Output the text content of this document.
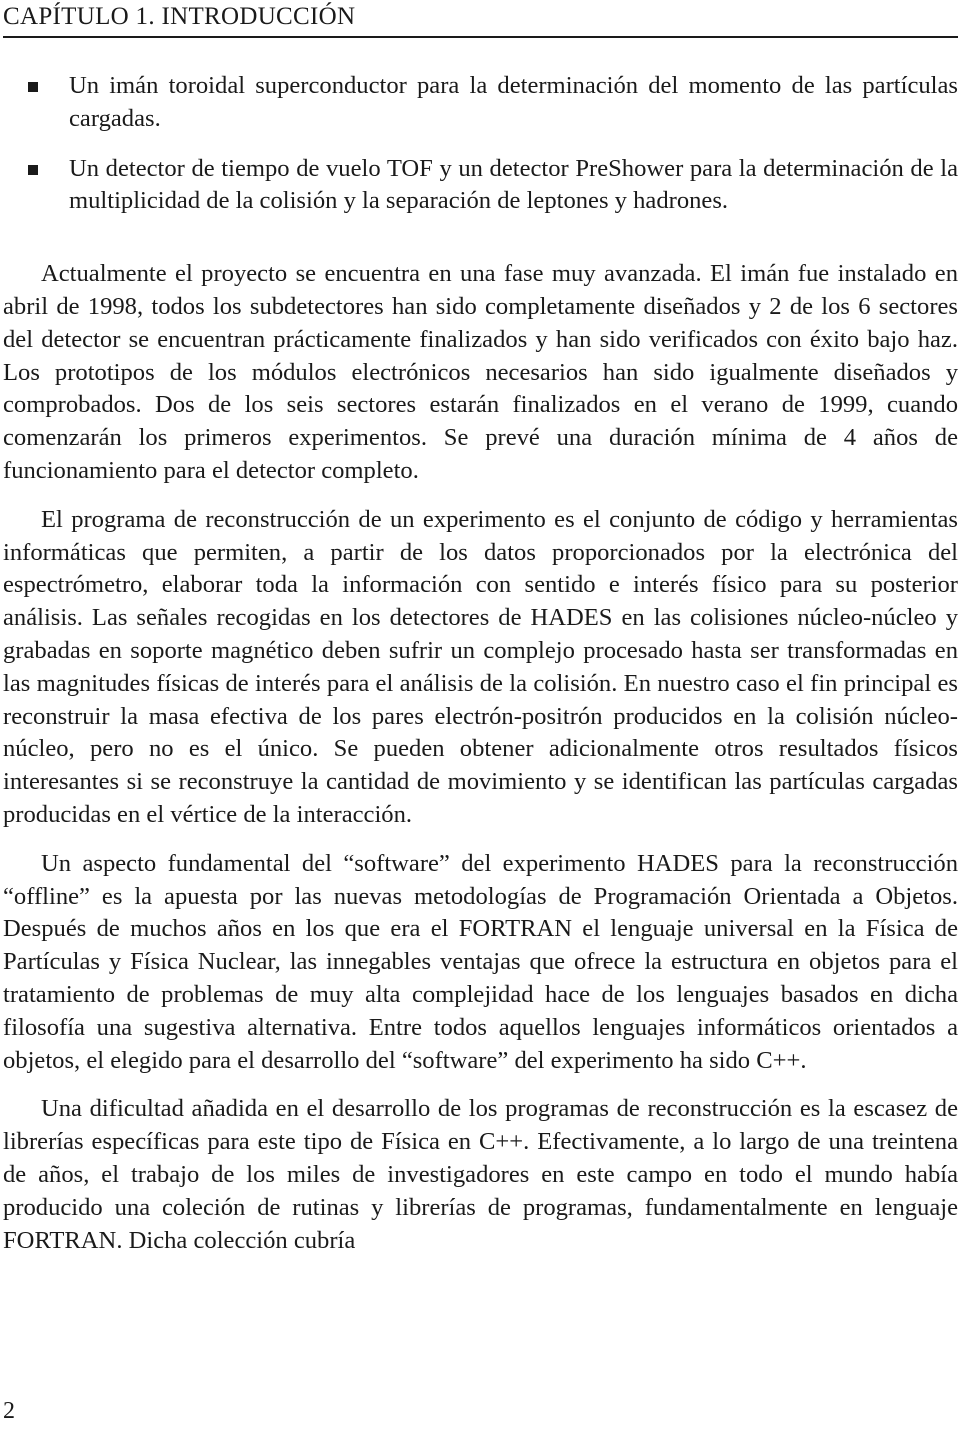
CAPÍTULO 1. INTRODUCCIÓN
Un imán toroidal superconductor para la determinación del momento de las partículas cargadas.
Un detector de tiempo de vuelo TOF y un detector PreShower para la determinación de la multiplicidad de la colisión y la separación de leptones y hadrones.

Actualmente el proyecto se encuentra en una fase muy avanzada. El imán fue instalado en abril de 1998, todos los subdetectores han sido completamente diseñados y 2 de los 6 sectores del detector se encuentran prácticamente finalizados y han sido verificados con éxito bajo haz. Los prototipos de los módulos electrónicos necesarios han sido igualmente diseñados y comprobados. Dos de los seis sectores estarán finalizados en el verano de 1999, cuando comenzarán los primeros experimentos. Se prevé una duración mínima de 4 años de funcionamiento para el detector completo.

El programa de reconstrucción de un experimento es el conjunto de código y herramientas informáticas que permiten, a partir de los datos proporcionados por la electrónica del espectrómetro, elaborar toda la información con sentido e interés físico para su posterior análisis. Las señales recogidas en los detectores de HADES en las colisiones núcleo-núcleo y grabadas en soporte magnético deben sufrir un complejo procesado hasta ser transformadas en las magnitudes físicas de interés para el análisis de la colisión. En nuestro caso el fin principal es reconstruir la masa efectiva de los pares electrón-positrón producidos en la colisión núcleo-núcleo, pero no es el único. Se pueden obtener adicionalmente otros resultados físicos interesantes si se reconstruye la cantidad de movimiento y se identifican las partículas cargadas producidas en el vértice de la interacción.

Un aspecto fundamental del “software” del experimento HADES para la reconstrucción “offline” es la apuesta por las nuevas metodologías de Programación Orientada a Objetos. Después de muchos años en los que era el FORTRAN el lenguaje universal en la Física de Partículas y Física Nuclear, las innegables ventajas que ofrece la estructura en objetos para el tratamiento de problemas de muy alta complejidad hace de los lenguajes basados en dicha filosofía una sugestiva alternativa. Entre todos aquellos lenguajes informáticos orientados a objetos, el elegido para el desarrollo del “software” del experimento ha sido C++.

Una dificultad añadida en el desarrollo de los programas de reconstrucción es la escasez de librerías específicas para este tipo de Física en C++. Efectivamente, a lo largo de una treintena de años, el trabajo de los miles de investigadores en este campo en todo el mundo había producido una coleción de rutinas y librerías de programas, fundamentalmente en lenguaje FORTRAN. Dicha colección cubría

2
